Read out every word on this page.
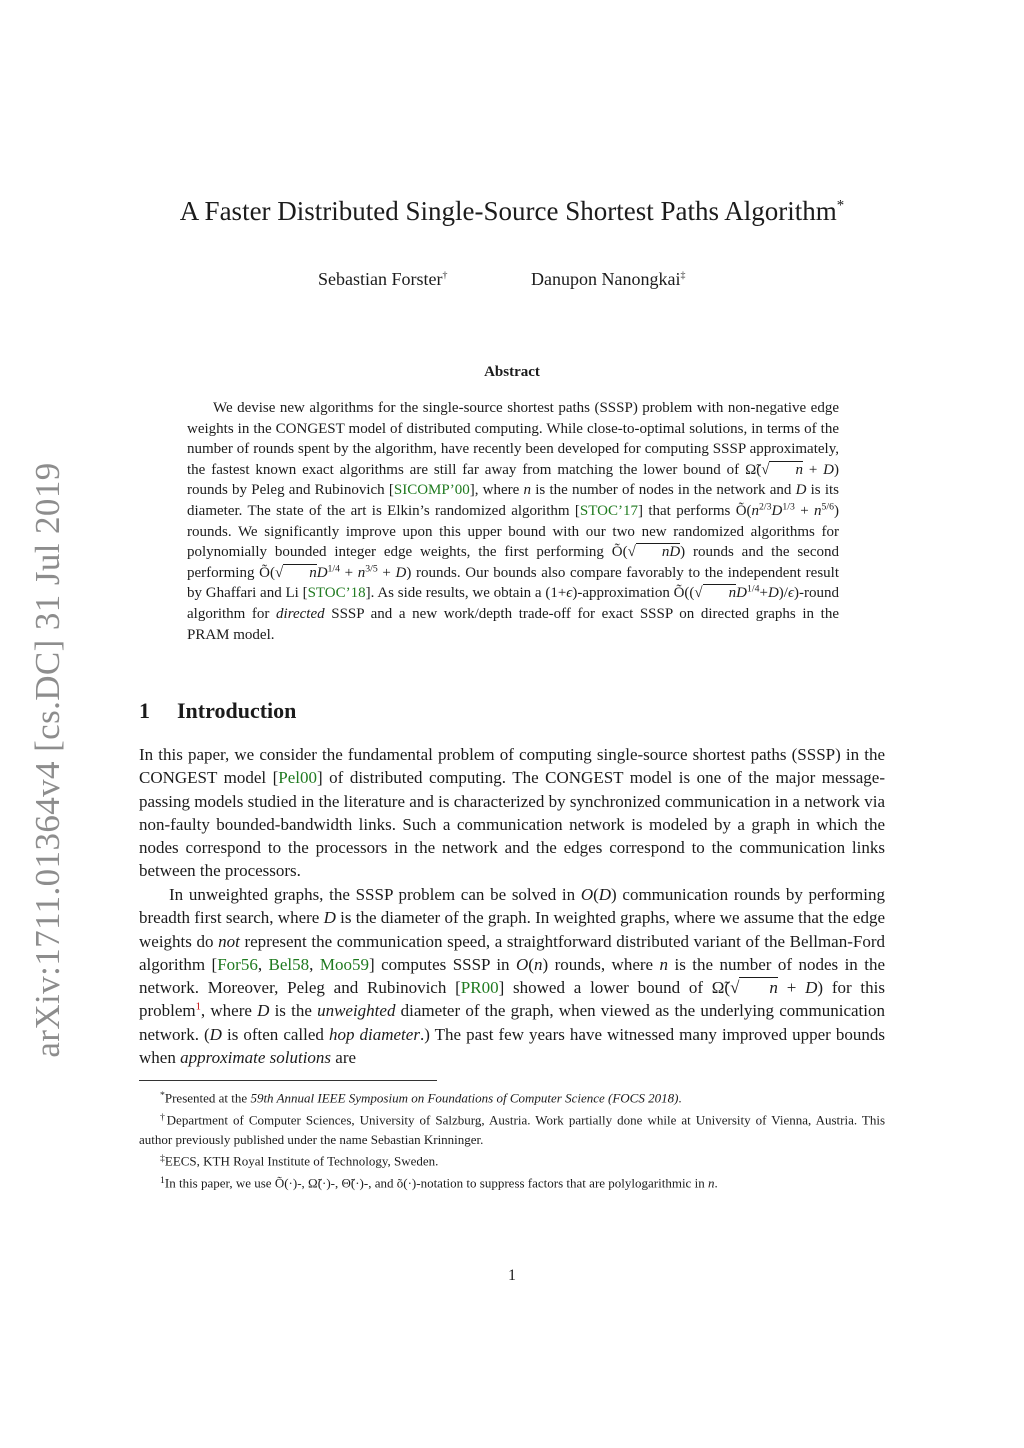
arXiv:1711.01364v4 [cs.DC] 31 Jul 2019
A Faster Distributed Single-Source Shortest Paths Algorithm*
Sebastian Forster†	Danupon Nanongkai‡
Abstract

We devise new algorithms for the single-source shortest paths (SSSP) problem with non-negative edge weights in the CONGEST model of distributed computing. While close-to-optimal solutions, in terms of the number of rounds spent by the algorithm, have recently been developed for computing SSSP approximately, the fastest known exact algorithms are still far away from matching the lower bound of Ω̃(√ n + D) rounds by Peleg and Rubinovich [SICOMP’00], where n is the number of nodes in the network and D is its diameter. The state of the art is Elkin’s randomized algorithm [STOC’17] that performs $Õ(n^{2/3}D^{1/3} + n^{5/6})$ rounds. We significantly improve upon this upper bound with our two new randomized algorithms for polynomially bounded integer edge weights, the first performing Õ(√ nD) rounds and the second performing Õ(√ $nD^{1/4} + n^{3/5} + D$) rounds. Our bounds also compare favorably to the independent result by Ghaffari and Li [STOC’18]. As side results, we obtain a (1+ϵ)-approximation Õ((√ $nD^{1/4}+D)/\epsilon$)-round algorithm for directed SSSP and a new work/depth trade-off for exact SSSP on directed graphs in the PRAM model.

1 Introduction

In this paper, we consider the fundamental problem of computing single-source shortest paths (SSSP) in the CONGEST model [Pel00] of distributed computing. The CONGEST model is one of the major message-passing models studied in the literature and is characterized by synchronized communication in a network via non-faulty bounded-bandwidth links. Such a communication network is modeled by a graph in which the nodes correspond to the processors in the network and the edges correspond to the communication links between the processors.

In unweighted graphs, the SSSP problem can be solved in O(D) communication rounds by performing breadth first search, where D is the diameter of the graph. In weighted graphs, where we assume that the edge weights do not represent the communication speed, a straightforward distributed variant of the Bellman-Ford algorithm [For56, Bel58, Moo59] computes SSSP in O(n) rounds, where n is the number of nodes in the network. Moreover, Peleg and Rubinovich [PR00] showed a lower bound of Ω̃(√ n + D) for this problem$^1$, where D is the unweighted diameter of the graph, when viewed as the underlying communication network. (D is often called hop diameter.) The past few years have witnessed many improved upper bounds when approximate solutions are

*Presented at the 59th Annual IEEE Symposium on Foundations of Computer Science (FOCS 2018).

†Department of Computer Sciences, University of Salzburg, Austria. Work partially done while at University of Vienna, Austria. This author previously published under the name Sebastian Krinninger.

‡EECS, KTH Royal Institute of Technology, Sweden.

$^1$In this paper, we use Õ(·)-, Ω̃(·)-, Θ̃(·)-, and õ(·)-notation to suppress factors that are polylogarithmic in n.

1
